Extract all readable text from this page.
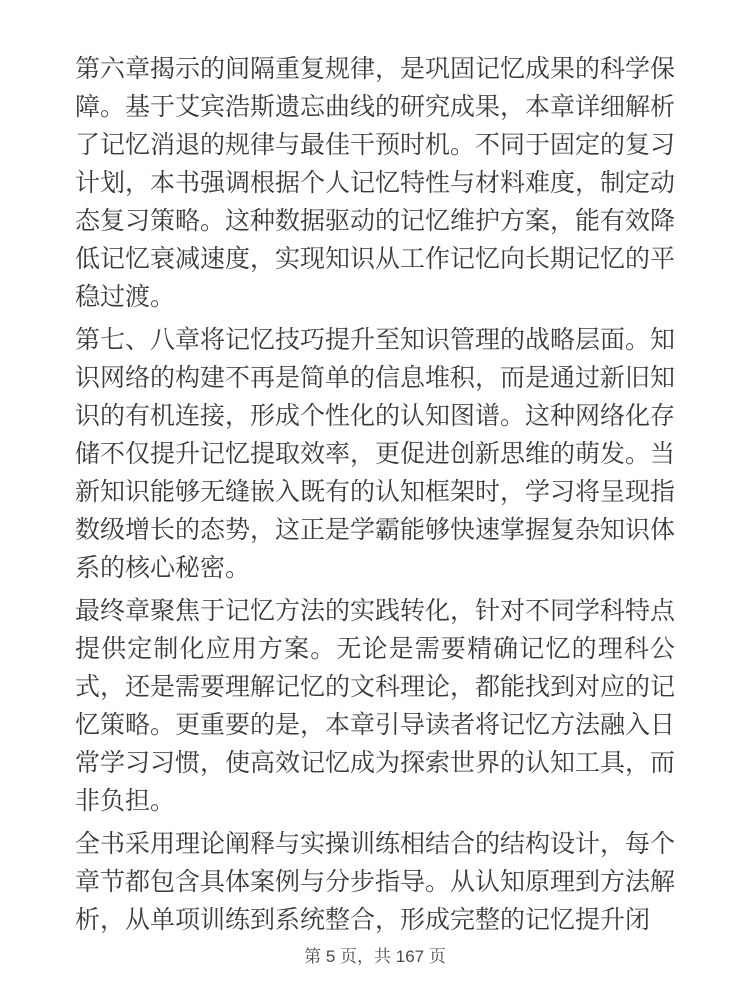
第六章揭示的间隔重复规律，是巩固记忆成果的科学保障。基于艾宾浩斯遗忘曲线的研究成果，本章详细解析了记忆消退的规律与最佳干预时机。不同于固定的复习计划，本书强调根据个人记忆特性与材料难度，制定动态复习策略。这种数据驱动的记忆维护方案，能有效降低记忆衰减速度，实现知识从工作记忆向长期记忆的平稳过渡。

第七、八章将记忆技巧提升至知识管理的战略层面。知识网络的构建不再是简单的信息堆积，而是通过新旧知识的有机连接，形成个性化的认知图谱。这种网络化存储不仅提升记忆提取效率，更促进创新思维的萌发。当新知识能够无缝嵌入既有的认知框架时，学习将呈现指数级增长的态势，这正是学霸能够快速掌握复杂知识体系的核心秘密。

最终章聚焦于记忆方法的实践转化，针对不同学科特点提供定制化应用方案。无论是需要精确记忆的理科公式，还是需要理解记忆的文科理论，都能找到对应的记忆策略。更重要的是，本章引导读者将记忆方法融入日常学习习惯，使高效记忆成为探索世界的认知工具，而非负担。

全书采用理论阐释与实操训练相结合的结构设计，每个章节都包含具体案例与分步指导。从认知原理到方法解析，从单项训练到系统整合，形成完整的记忆提升闭

第 5 页，共 167 页
